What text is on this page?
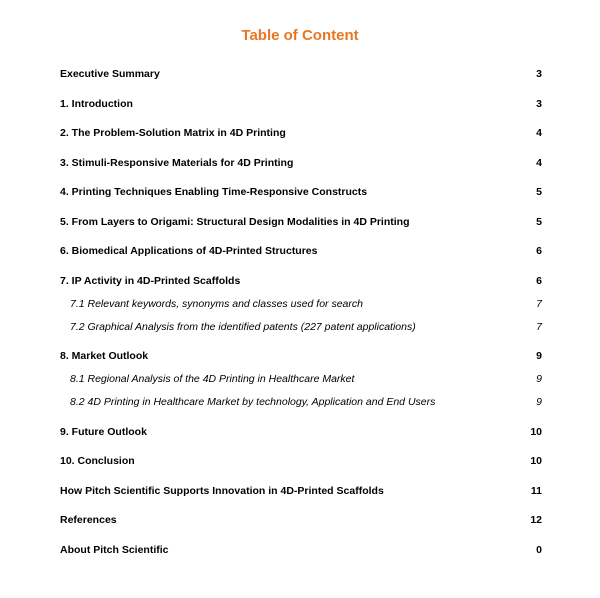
Table of Content
Executive Summary	3
1. Introduction	3
2. The Problem-Solution Matrix in 4D Printing	4
3. Stimuli-Responsive Materials for 4D Printing	4
4. Printing Techniques Enabling Time-Responsive Constructs	5
5. From Layers to Origami: Structural Design Modalities in 4D Printing	5
6. Biomedical Applications of 4D-Printed Structures	6
7. IP Activity in 4D-Printed Scaffolds	6
7.1 Relevant keywords, synonyms and classes used for search	7
7.2 Graphical Analysis from the identified patents (227 patent applications)	7
8. Market Outlook	9
8.1 Regional Analysis of the 4D Printing in Healthcare Market	9
8.2 4D Printing in Healthcare Market by technology, Application and End Users	9
9. Future Outlook	10
10. Conclusion	10
How Pitch Scientific Supports Innovation in 4D-Printed Scaffolds	11
References	12
About Pitch Scientific	0
